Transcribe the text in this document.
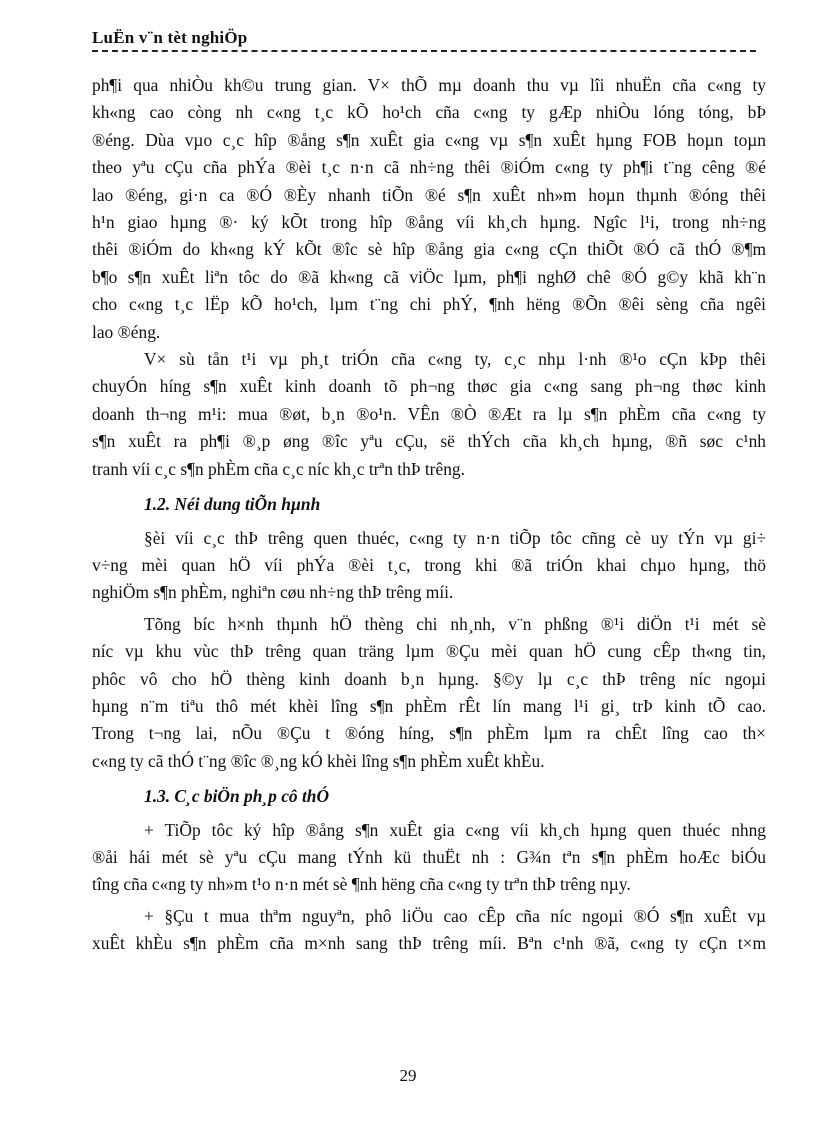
LuËn v¨n tèt nghiÖp
ph¶i qua nhiÒu kh©u trung gian. V× thÕ mµ doanh thu vµ lîi nhuËn cña c«ng ty
kh«ng cao còng nh c«ng t¸c kÕ ho¹ch cña c«ng ty gÆp nhiÒu lóng tóng, bÞ
®éng. Dùa vµo c¸c hîp ®ång s¶n xuÊt gia c«ng vµ s¶n xuÊt hµng FOB hoµn toµn
theo yªu cÇu cña phÝa ®èi t¸c n·n cã nh÷ng thêi ®iÓm c«ng ty ph¶i t¨ng cêng ®é
lao ®éng, gi·n ca ®Ó ®Èy nhanh tiÕn ®é s¶n xuÊt nh»m hoµn thµnh ®óng thêi
h¹n giao hµng ®· ký kÕt trong hîp ®ång víi kh¸ch hµng. Ngîc l¹i, trong nh÷ng
thêi ®iÓm do kh«ng kÝ kÕt ®îc sè hîp ®ång gia c«ng cÇn thiÕt ®Ó cã thÓ ®¶m
b¶o s¶n xuÊt liªn tôc do ®ã kh«ng cã viÖc lµm, ph¶i nghØ chê ®Ó g©y khã kh¨n
cho c«ng t¸c lËp kÕ ho¹ch, lµm t¨ng chi phÝ, ¶nh hëng ®Õn ®êi sèng cña ngêi
lao ®éng.
V× sù tån t¹i vµ ph¸t triÓn cña c«ng ty, c¸c nhµ l·nh ®¹o cÇn kÞp thêi
chuyÓn híng s¶n xuÊt kinh doanh tõ ph¬ng thøc gia c«ng sang ph¬ng thøc kinh
doanh th¬ng m¹i: mua ®øt, b¸n ®o¹n. VÊn ®Ò ®Æt ra lµ s¶n phÈm cña c«ng ty
s¶n xuÊt ra ph¶i ®¸p øng ®îc yªu cÇu, së thÝch cña kh¸ch hµng, ®ñ søc c¹nh
tranh víi c¸c s¶n phÈm cña c¸c níc kh¸c trªn thÞ trêng.
1.2. Néi dung tiÕn hµnh
§èi víi c¸c thÞ trêng quen thuéc, c«ng ty n·n tiÕp tôc cñng cè uy tÝn vµ gi÷
v÷ng mèi quan hÖ víi phÝa ®èi t¸c, trong khi ®ã triÓn khai chµo hµng, thö
nghiÖm s¶n phÈm, nghiªn cøu nh÷ng thÞ trêng míi.
Tõng bíc h×nh thµnh hÖ thèng chi nh¸nh, v¨n phßng ®¹i diÖn t¹i mét sè
níc vµ khu vùc thÞ trêng quan träng lµm ®Çu mèi quan hÖ cung cÊp th«ng tin,
phôc vô cho hÖ thèng kinh doanh b¸n hµng. §©y lµ c¸c thÞ trêng níc ngoµi
hµng n¨m tiªu thô mét khèi lîng s¶n phÈm rÊt lín mang l¹i gi¸ trÞ kinh tÕ cao.
Trong t¬ng lai, nÕu ®Çu t ®óng híng, s¶n phÈm lµm ra chÊt lîng cao th×
c«ng ty cã thÓ t¨ng ®îc ®¸ng kÓ khèi lîng s¶n phÈm xuÊt khÈu.
1.3. C¸c biÖn ph¸p cô thÓ
+ TiÕp tôc ký hîp ®ång s¶n xuÊt gia c«ng víi kh¸ch hµng quen thuéc nhng
®åi hái mét sè yªu cÇu mang tÝnh kü thuËt nh : G¾n tªn s¶n phÈm hoÆc biÓu
tîng cña c«ng ty nh»m t¹o n·n mét sè ¶nh hëng cña c«ng ty trªn thÞ trêng nµy.
+ §Çu t mua thªm nguyªn, phô liÖu cao cÊp cña níc ngoµi ®Ó s¶n xuÊt vµ
xuÊt khÈu s¶n phÈm cña m×nh sang thÞ trêng míi. Bªn c¹nh ®ã, c«ng ty cÇn t×m
29
